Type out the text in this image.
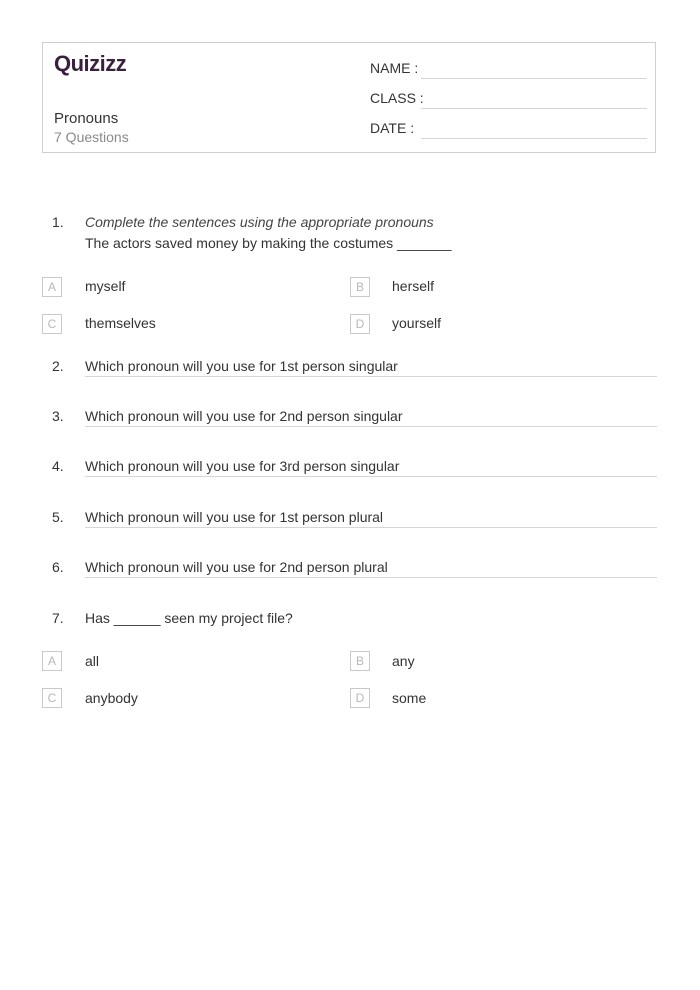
Quizizz
Pronouns
7 Questions
NAME :
CLASS :
DATE :
1. Complete the sentences using the appropriate pronouns
The actors saved money by making the costumes _______
A	myself	B	herself
C	themselves	D	yourself
2. Which pronoun will you use for 1st person singular
3. Which pronoun will you use for 2nd person singular
4. Which pronoun will you use for 3rd person singular
5. Which pronoun will you use for 1st person plural
6. Which pronoun will you use for 2nd person plural
7. Has ______ seen my project file?
A	all	B	any
C	anybody	D	some
